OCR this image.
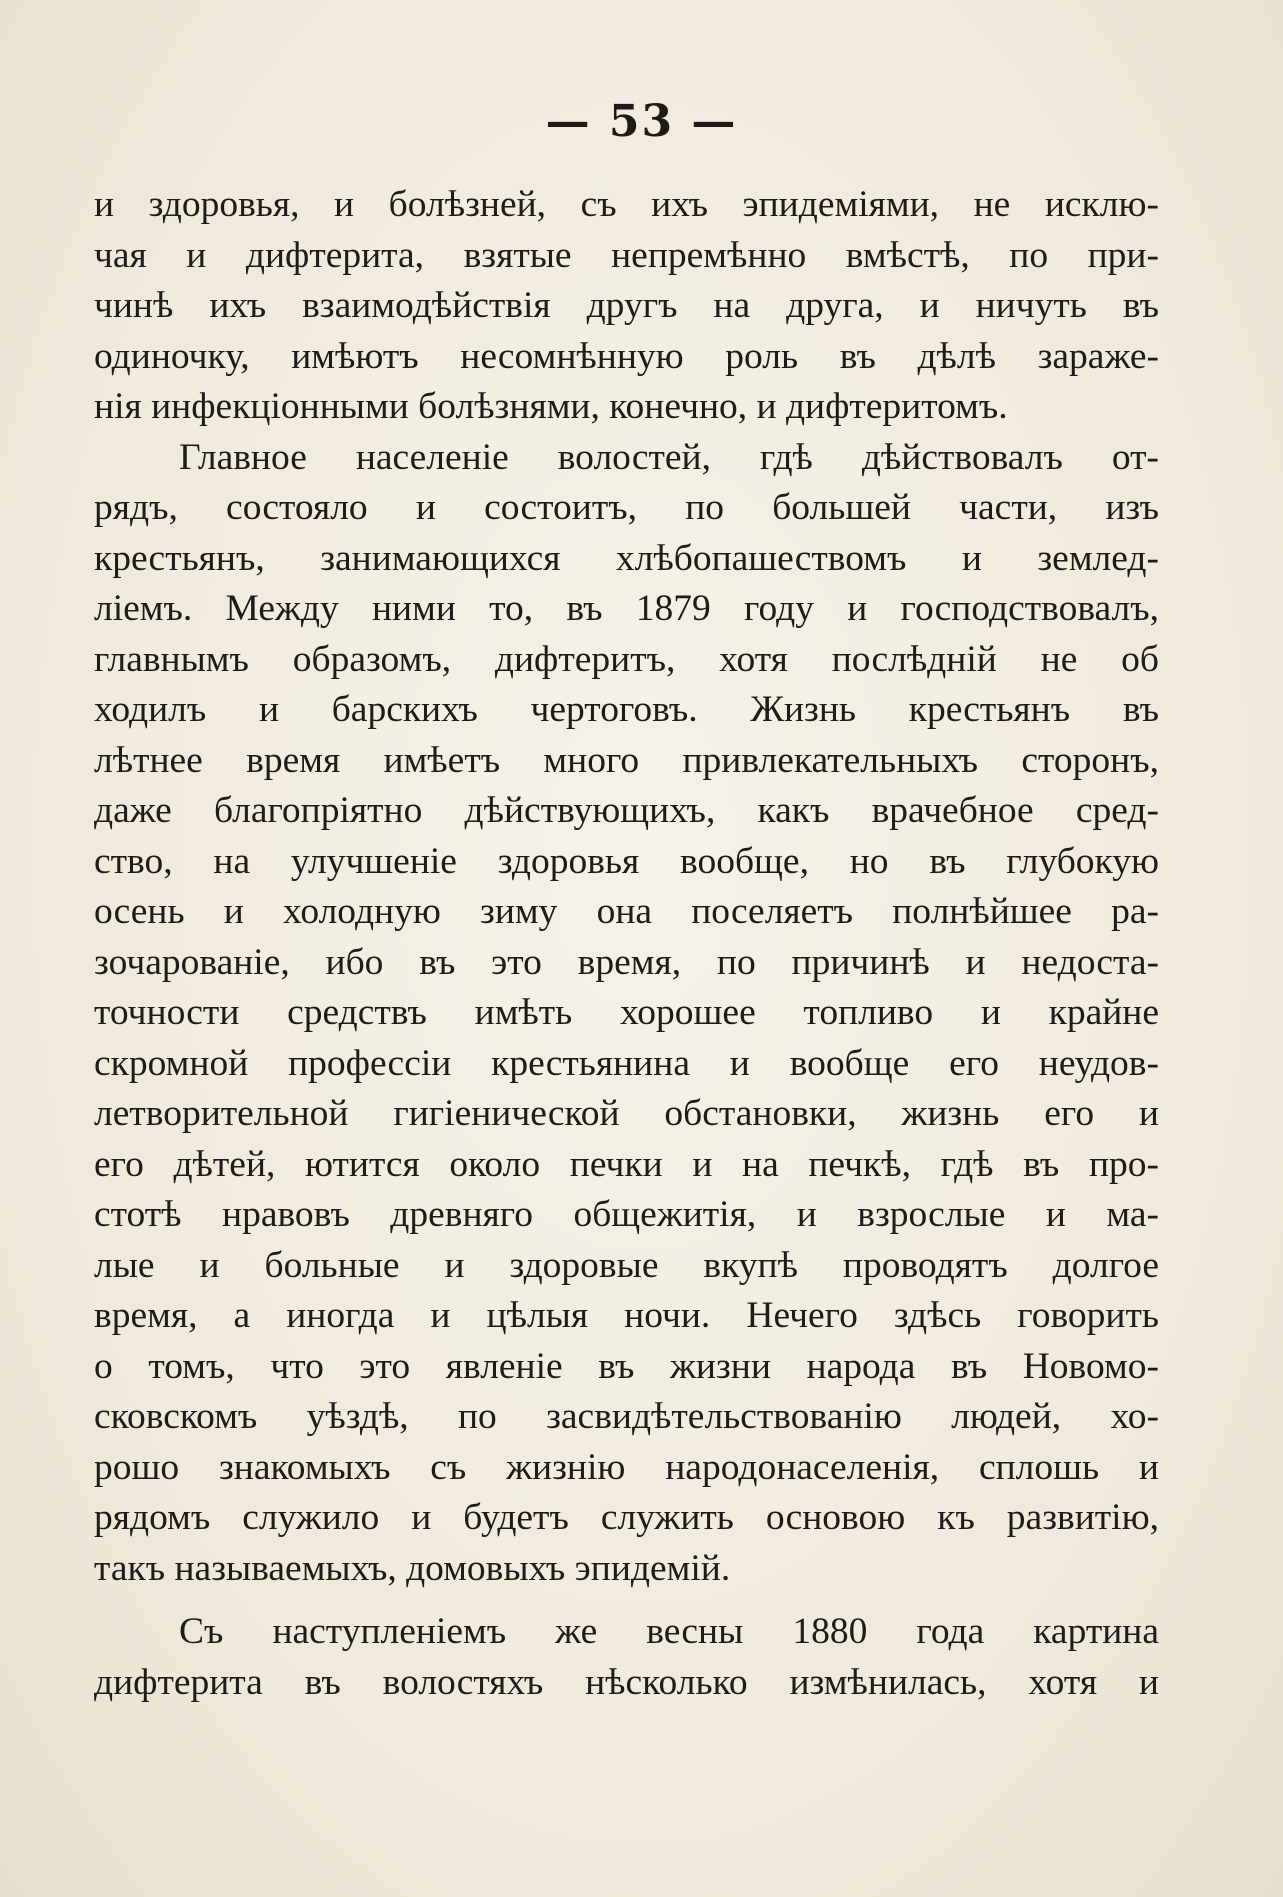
— 53 —
и здоровья, и болѣзней, съ ихъ эпидеміями, не исклю-
чая и дифтерита, взятые непремѣнно вмѣстѣ, по при-
чинѣ ихъ взаимодѣйствія другъ на друга, и ничуть въ
одиночку, имѣютъ несомнѣнную роль въ дѣлѣ зараже-
нія инфекціонными болѣзнями, конечно, и дифтеритомъ.
Главное населеніе волостей, гдѣ дѣйствовалъ от-
рядъ, состояло и состоитъ, по большей части, изъ
крестьянъ, занимающихся хлѣбопашествомъ и землед-
ліемъ. Между ними то, въ 1879 году и господствовалъ,
главнымъ образомъ, дифтеритъ, хотя послѣдній не об
ходилъ и барскихъ чертоговъ. Жизнь крестьянъ въ
лѣтнее время имѣетъ много привлекательныхъ сторонъ,
даже благопріятно дѣйствующихъ, какъ врачебное сред-
ство, на улучшеніе здоровья вообще, но въ глубокую
осень и холодную зиму она поселяетъ полнѣйшее ра-
зочарованіе, ибо въ это время, по причинѣ и недоста-
точности средствъ имѣть хорошее топливо и крайне
скромной профессіи крестьянина и вообще его неудов-
летворительной гигіенической обстановки, жизнь его и
его дѣтей, ютится около печки и на печкѣ, гдѣ въ про-
стотѣ нравовъ древняго общежитія, и взрослые и ма-
лые и больные и здоровые вкупѣ проводятъ долгое
время, а иногда и цѣлыя ночи. Нечего здѣсь говорить
о томъ, что это явленіе въ жизни народа въ Новомо-
сковскомъ уѣздѣ, по засвидѣтельствованію людей, хо-
рошо знакомыхъ съ жизнію народонаселенія, сплошь и
рядомъ служило и будетъ служить основою къ развитію,
такъ называемыхъ, домовыхъ эпидемій.
Съ наступленіемъ же весны 1880 года картина
дифтерита въ волостяхъ нѣсколько измѣнилась, хотя и
